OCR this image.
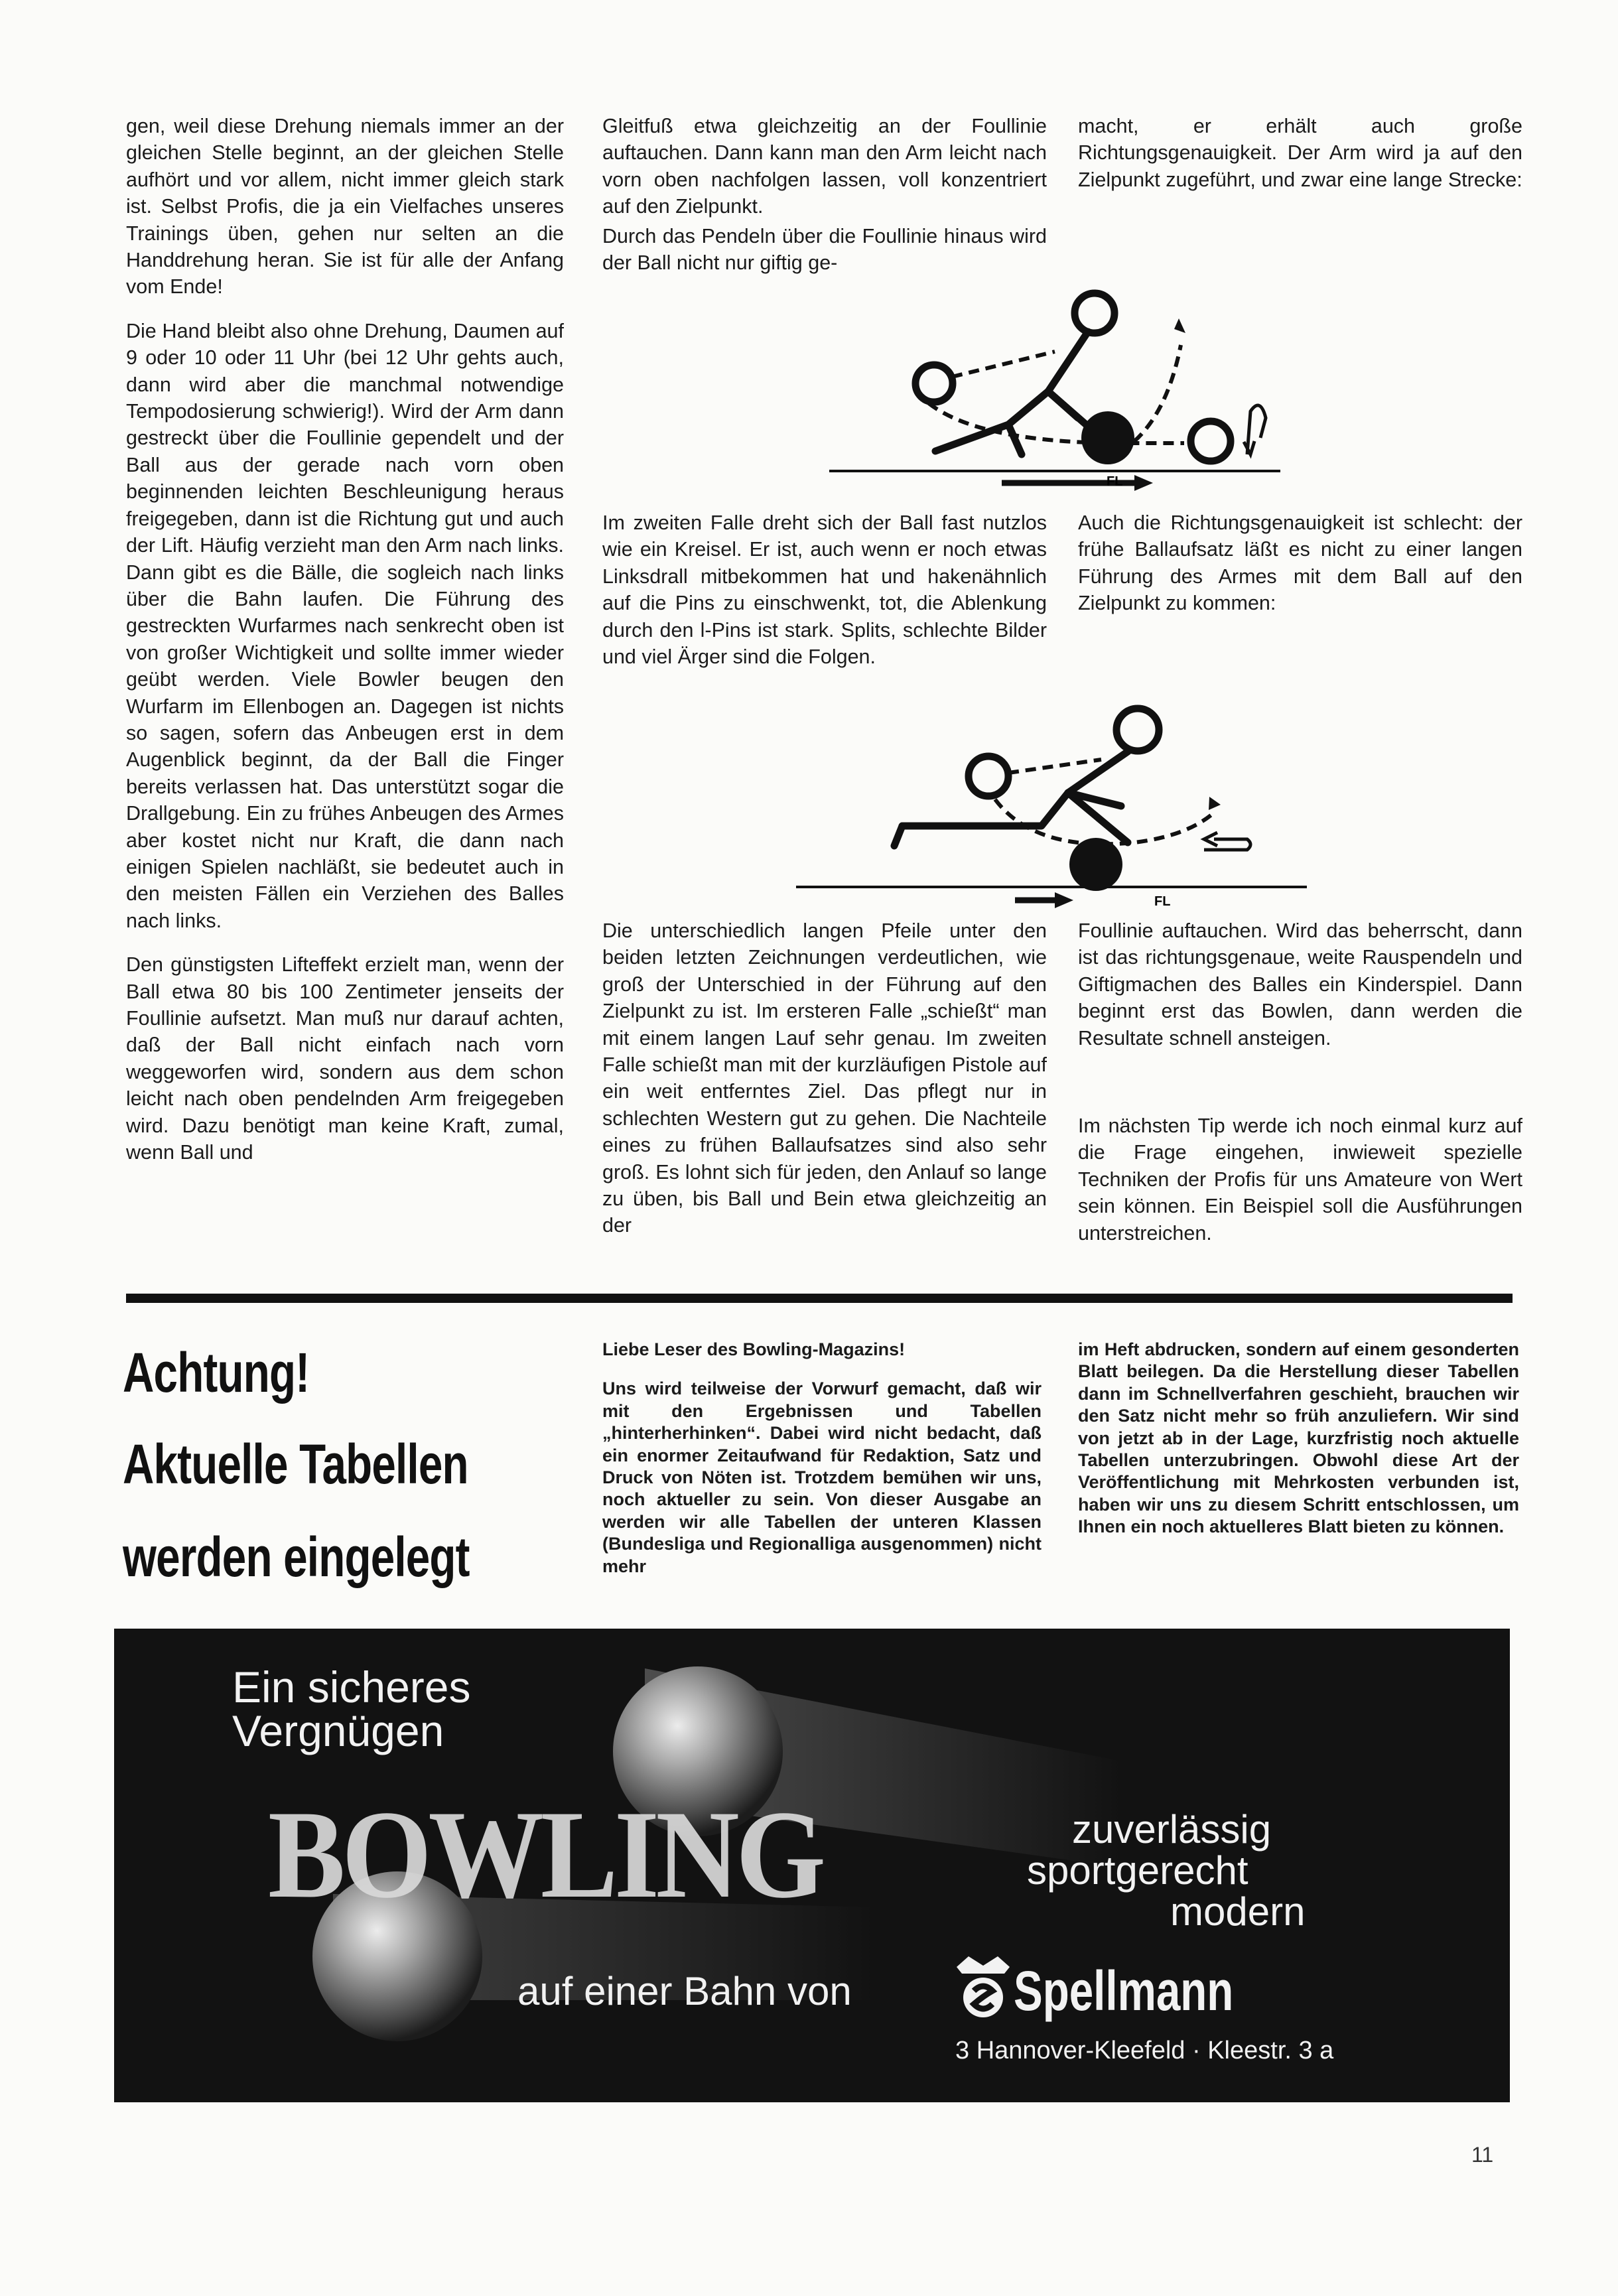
gen, weil diese Drehung niemals immer an der gleichen Stelle beginnt, an der gleichen Stelle aufhört und vor allem, nicht immer gleich stark ist. Selbst Profis, die ja ein Vielfaches unseres Trainings üben, gehen nur selten an die Handdrehung heran. Sie ist für alle der Anfang vom Ende!

Die Hand bleibt also ohne Drehung, Daumen auf 9 oder 10 oder 11 Uhr (bei 12 Uhr gehts auch, dann wird aber die manchmal notwendige Tempodosierung schwierig!). Wird der Arm dann gestreckt über die Foullinie gependelt und der Ball aus der gerade nach vorn oben beginnenden leichten Beschleunigung heraus freigegeben, dann ist die Richtung gut und auch der Lift. Häufig verzieht man den Arm nach links. Dann gibt es die Bälle, die sogleich nach links über die Bahn laufen. Die Führung des gestreckten Wurfarmes nach senkrecht oben ist von großer Wichtigkeit und sollte immer wieder geübt werden. Viele Bowler beugen den Wurfarm im Ellenbogen an. Dagegen ist nichts so sagen, sofern das Anbeugen erst in dem Augenblick beginnt, da der Ball die Finger bereits verlassen hat. Das unterstützt sogar die Drallgebung. Ein zu frühes Anbeugen des Armes aber kostet nicht nur Kraft, die dann nach einigen Spielen nachläßt, sie bedeutet auch in den meisten Fällen ein Verziehen des Balles nach links.

Den günstigsten Lifteffekt erzielt man, wenn der Ball etwa 80 bis 100 Zentimeter jenseits der Foullinie aufsetzt. Man muß nur darauf achten, daß der Ball nicht einfach nach vorn weggeworfen wird, sondern aus dem schon leicht nach oben pendelnden Arm freigegeben wird. Dazu benötigt man keine Kraft, zumal, wenn Ball und

Gleitfuß etwa gleichzeitig an der Foullinie auftauchen. Dann kann man den Arm leicht nach vorn oben nachfolgen lassen, voll konzentriert auf den Zielpunkt.

Durch das Pendeln über die Foullinie hinaus wird der Ball nicht nur giftig ge-

macht, er erhält auch große Richtungsgenauigkeit. Der Arm wird ja auf den Zielpunkt zugeführt, und zwar eine lange Strecke:

FL

Im zweiten Falle dreht sich der Ball fast nutzlos wie ein Kreisel. Er ist, auch wenn er noch etwas Linksdrall mitbekommen hat und hakenähnlich auf die Pins zu einschwenkt, tot, die Ablenkung durch den l-Pins ist stark. Splits, schlechte Bilder und viel Ärger sind die Folgen.

Auch die Richtungsgenauigkeit ist schlecht: der frühe Ballaufsatz läßt es nicht zu einer langen Führung des Armes mit dem Ball auf den Zielpunkt zu kommen:

FL

Die unterschiedlich langen Pfeile unter den beiden letzten Zeichnungen verdeutlichen, wie groß der Unterschied in der Führung auf den Zielpunkt zu ist. Im ersteren Falle „schießt“ man mit einem langen Lauf sehr genau. Im zweiten Falle schießt man mit der kurzläufigen Pistole auf ein weit entferntes Ziel. Das pflegt nur in schlechten Western gut zu gehen. Die Nachteile eines zu frühen Ballaufsatzes sind also sehr groß. Es lohnt sich für jeden, den Anlauf so lange zu üben, bis Ball und Bein etwa gleichzeitig an der

Foullinie auftauchen. Wird das beherrscht, dann ist das richtungsgenaue, weite Rauspendeln und Giftigmachen des Balles ein Kinderspiel. Dann beginnt erst das Bowlen, dann werden die Resultate schnell ansteigen.

Im nächsten Tip werde ich noch einmal kurz auf die Frage eingehen, inwieweit spezielle Techniken der Profis für uns Amateure von Wert sein können. Ein Beispiel soll die Ausführungen unterstreichen.

Achtung!
Aktuelle Tabellen
werden eingelegt

Liebe Leser des Bowling-Magazins!

Uns wird teilweise der Vorwurf gemacht, daß wir mit den Ergebnissen und Tabellen „hinterherhinken“. Dabei wird nicht bedacht, daß ein enormer Zeitaufwand für Redaktion, Satz und Druck von Nöten ist. Trotzdem bemühen wir uns, noch aktueller zu sein. Von dieser Ausgabe an werden wir alle Tabellen der unteren Klassen (Bundesliga und Regionalliga ausgenommen) nicht mehr

im Heft abdrucken, sondern auf einem gesonderten Blatt beilegen. Da die Herstellung dieser Tabellen dann im Schnellverfahren geschieht, brauchen wir den Satz nicht mehr so früh anzuliefern. Wir sind von jetzt ab in der Lage, kurzfristig noch aktuelle Tabellen unterzubringen. Obwohl diese Art der Veröffentlichung mit Mehrkosten verbunden ist, haben wir uns zu diesem Schritt entschlossen, um Ihnen ein noch aktuelleres Blatt bieten zu können.

Ein sicheres
Vergnügen
BOWLING	zuverlässig
sportgerecht
modern
auf einer Bahn von	Spellmann
3 Hannover-Kleefeld · Kleestr. 3 a
11
